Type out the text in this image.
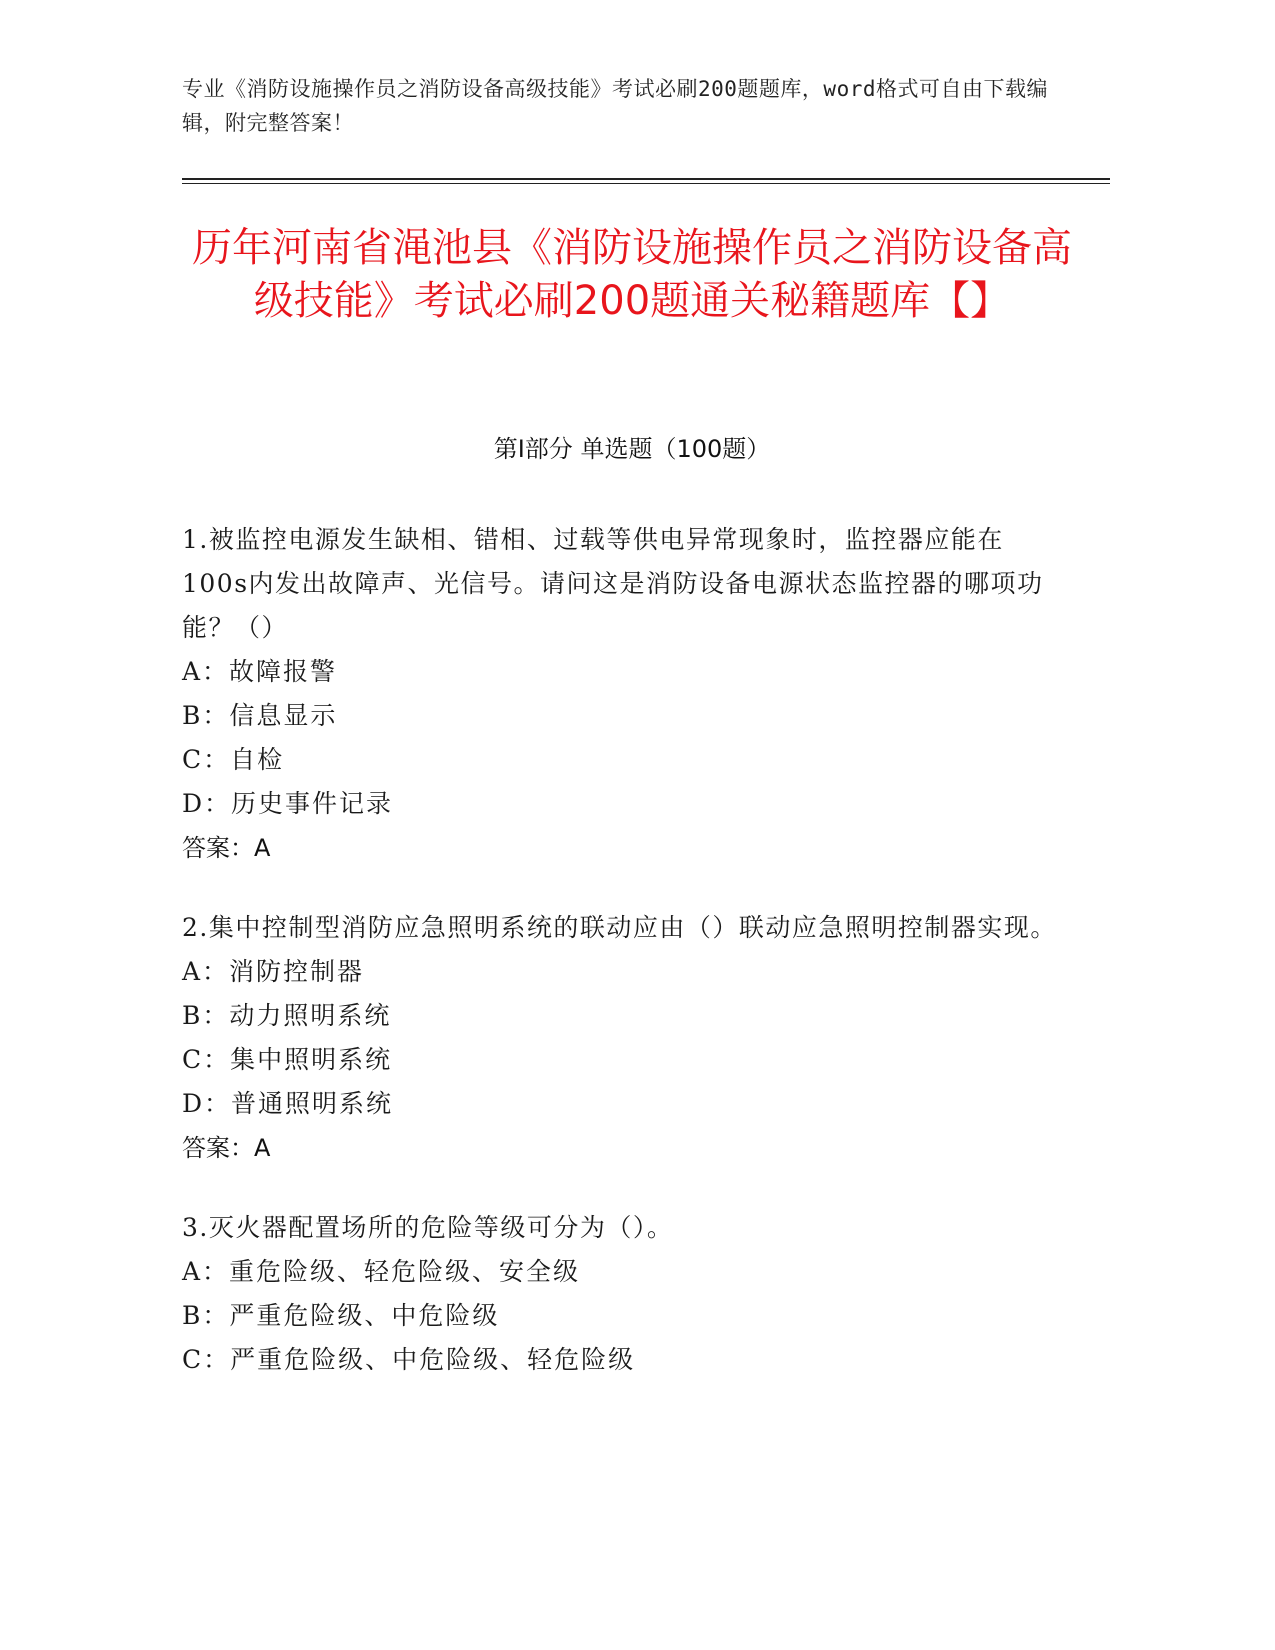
专业《消防设施操作员之消防设备高级技能》考试必刷200题题库，word格式可自由下载编辑，附完整答案！
历年河南省渑池县《消防设施操作员之消防设备高级技能》考试必刷200题通关秘籍题库【】
第Ⅰ部分 单选题（100题）
1.被监控电源发生缺相、错相、过载等供电异常现象时，监控器应能在100s内发出故障声、光信号。请问这是消防设备电源状态监控器的哪项功能？（）
A：故障报警
B：信息显示
C：自检
D：历史事件记录
答案：A
2.集中控制型消防应急照明系统的联动应由（）联动应急照明控制器实现。
A：消防控制器
B：动力照明系统
C：集中照明系统
D：普通照明系统
答案：A
3.灭火器配置场所的危险等级可分为（）。
A：重危险级、轻危险级、安全级
B：严重危险级、中危险级
C：严重危险级、中危险级、轻危险级
